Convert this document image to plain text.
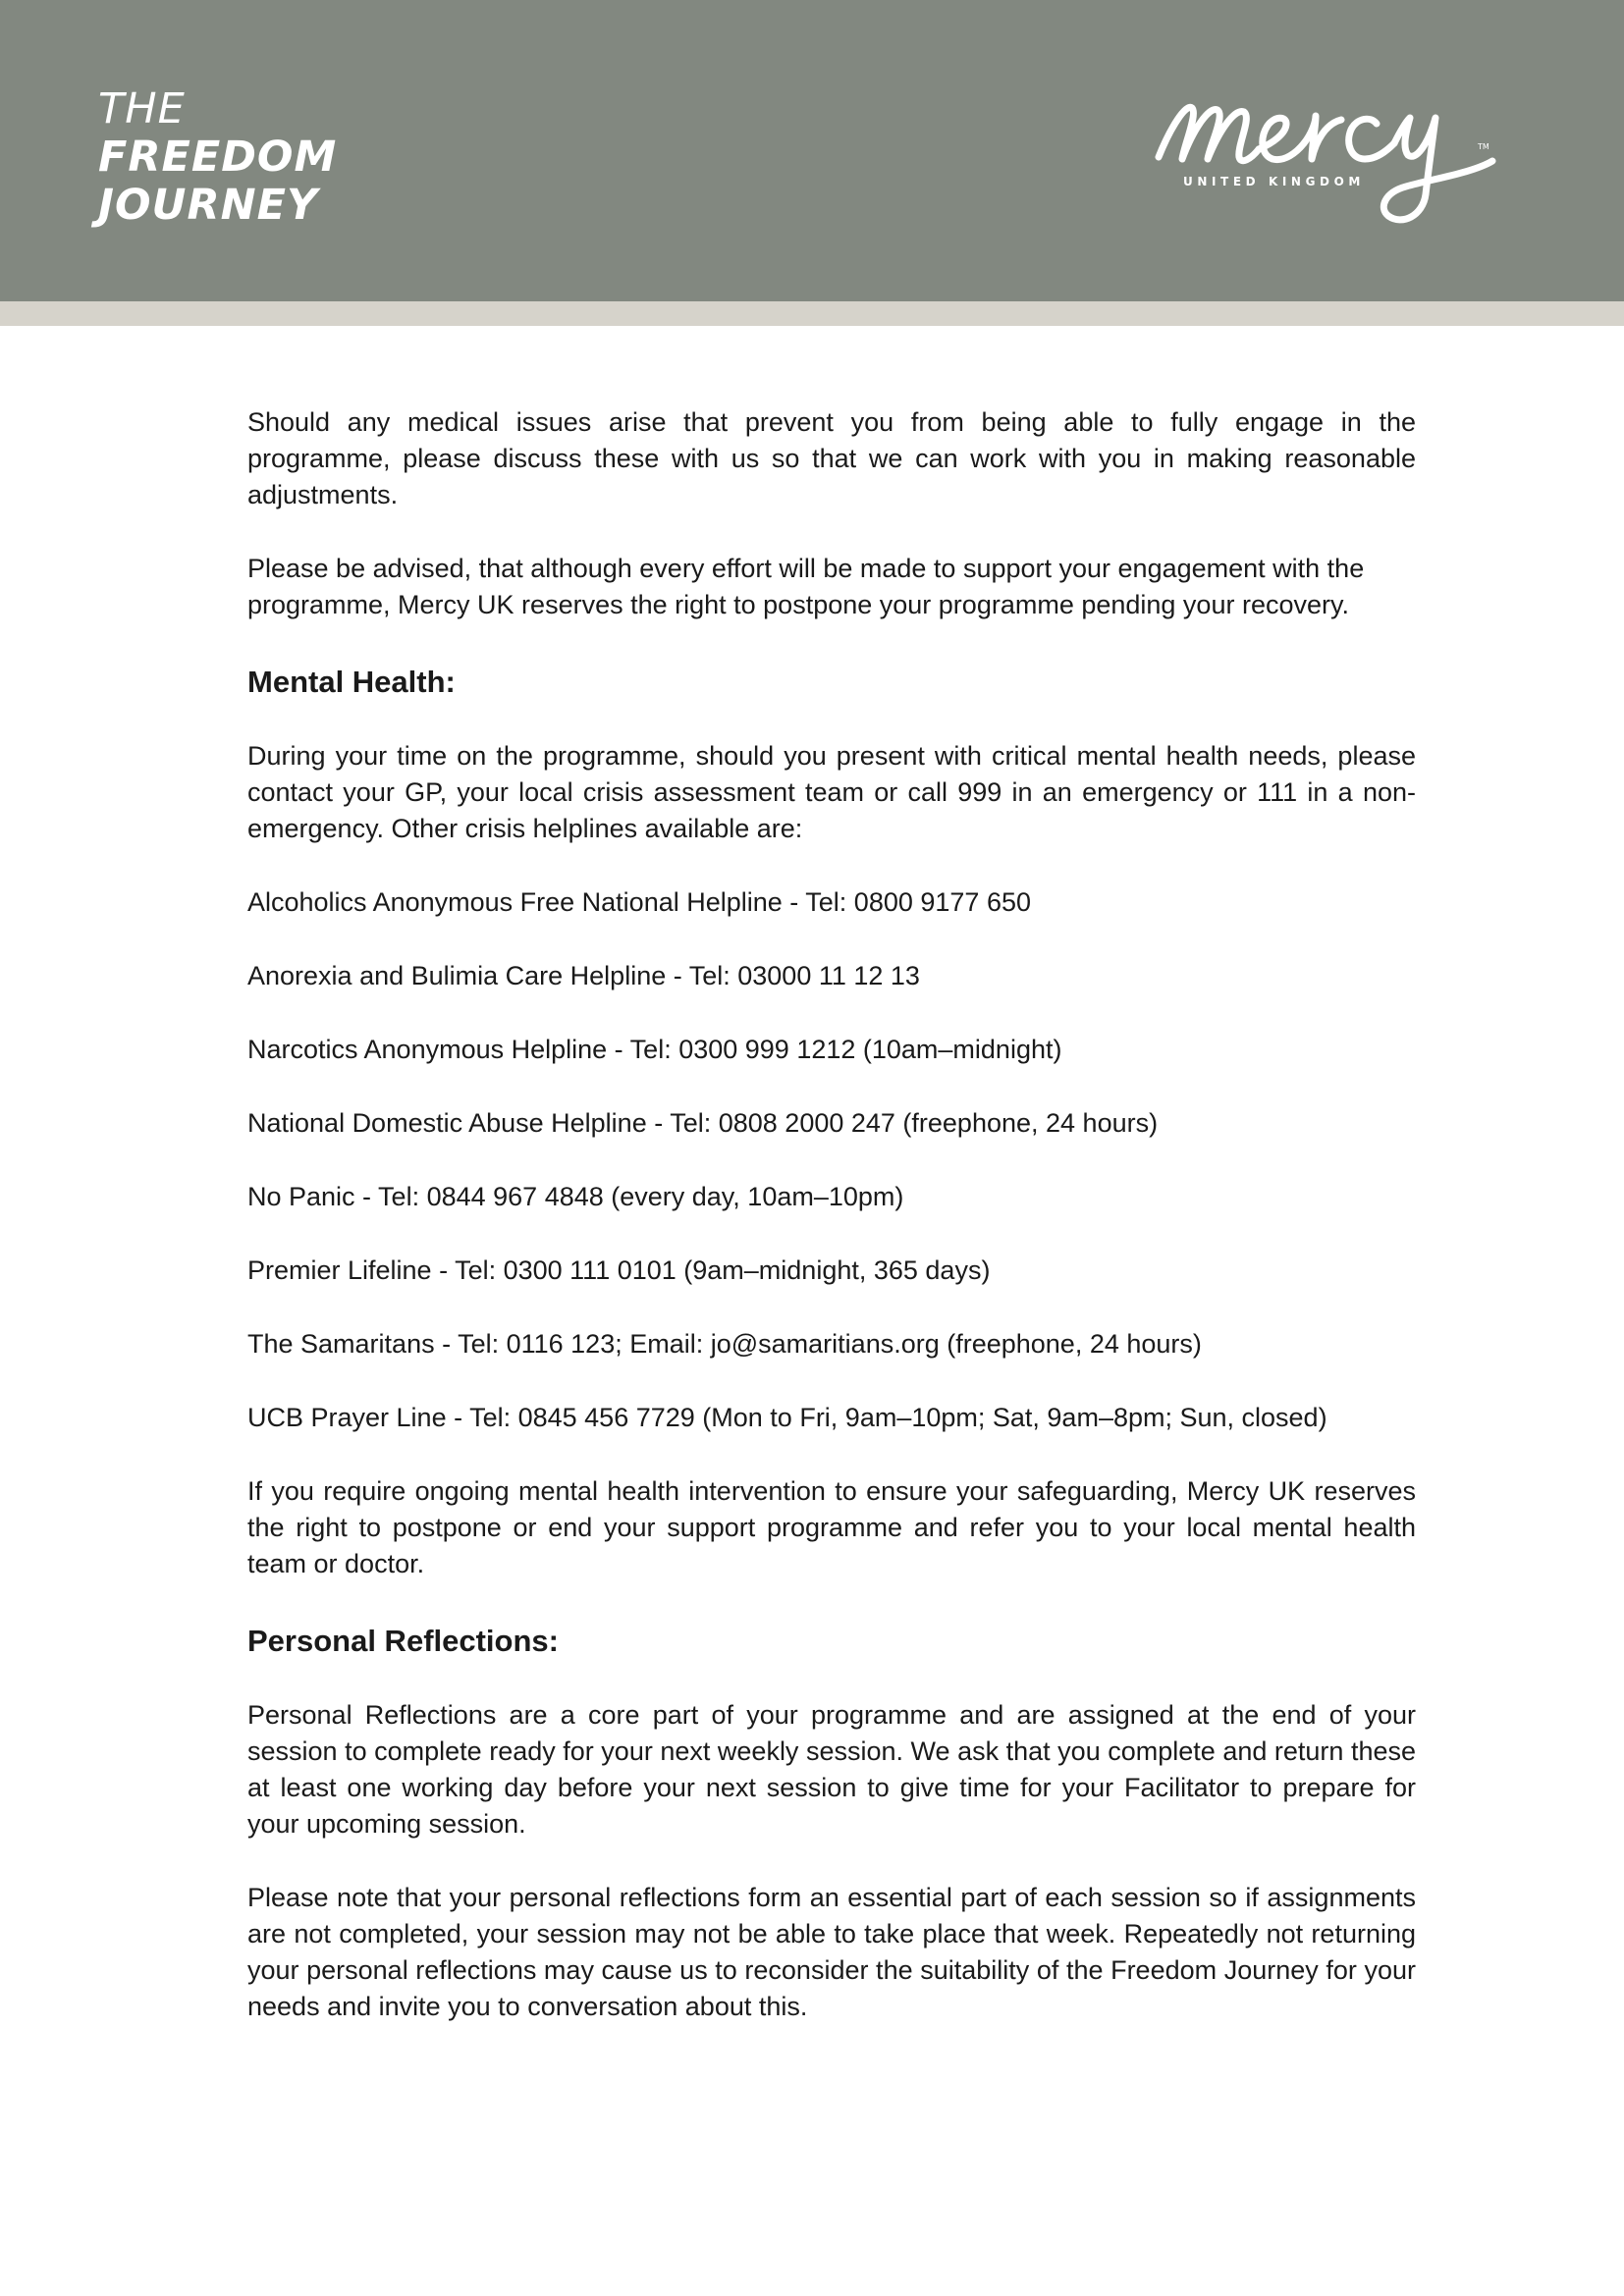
THE
FREEDOM
JOURNEY
TM
UNITED KINGDOM

Should any medical issues arise that prevent you from being able to fully engage in the programme, please discuss these with us so that we can work with you in making reasonable adjustments.

Please be advised, that although every effort will be made to support your engagement with the programme, Mercy UK reserves the right to postpone your programme pending your recovery.

Mental Health:

During your time on the programme, should you present with critical mental health needs, please contact your GP, your local crisis assessment team or call 999 in an emergency or 111 in a non-emergency. Other crisis helplines available are:

Alcoholics Anonymous Free National Helpline - Tel: 0800 9177 650

Anorexia and Bulimia Care Helpline - Tel: 03000 11 12 13

Narcotics Anonymous Helpline - Tel: 0300 999 1212 (10am–midnight)

National Domestic Abuse Helpline - Tel: 0808 2000 247 (freephone, 24 hours)

No Panic - Tel: 0844 967 4848 (every day, 10am–10pm)

Premier Lifeline - Tel: 0300 111 0101 (9am–midnight, 365 days)

The Samaritans - Tel: 0116 123; Email: jo@samaritians.org (freephone, 24 hours)

UCB Prayer Line - Tel: 0845 456 7729 (Mon to Fri, 9am–10pm; Sat, 9am–8pm; Sun, closed)

If you require ongoing mental health intervention to ensure your safeguarding, Mercy UK reserves the right to postpone or end your support programme and refer you to your local mental health team or doctor.

Personal Reflections:

Personal Reflections are a core part of your programme and are assigned at the end of your session to complete ready for your next weekly session. We ask that you complete and return these at least one working day before your next session to give time for your Facilitator to prepare for your upcoming session.

Please note that your personal reflections form an essential part of each session so if assignments are not completed, your session may not be able to take place that week. Repeatedly not returning your personal reflections may cause us to reconsider the suitability of the Freedom Journey for your needs and invite you to conversation about this.
